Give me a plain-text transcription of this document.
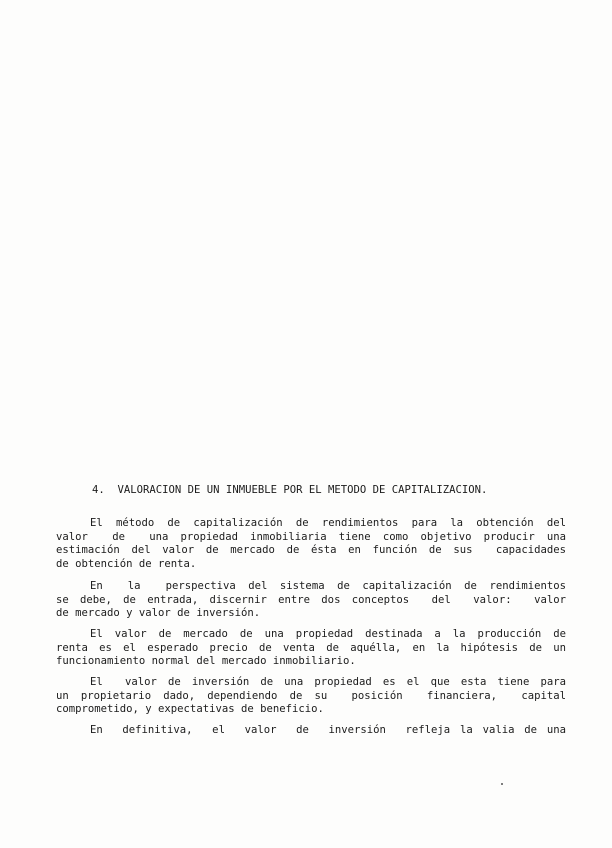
4.  VALORACION DE UN INMUEBLE POR EL METODO DE CAPITALIZACION.
El método de capitalización de rendimientos para la obtención del
valor  de  una propiedad inmobiliaria tiene como objetivo producir una
estimación del valor de mercado de ésta en función de sus  capacidades
de obtención de renta.
En  la  perspectiva del sistema de capitalización de rendimientos
se debe, de entrada, discernir entre dos conceptos  del  valor:  valor
de mercado y valor de inversión.
El valor de mercado de una propiedad destinada a la producción de
renta es el esperado precio de venta de aquélla, en la hipótesis de un
funcionamiento normal del mercado inmobiliario.
El  valor de inversión de una propiedad es el que esta tiene para
un propietario dado, dependiendo de su  posición  financiera,  capital
comprometido, y expectativas de beneficio.
En  definitiva,  el  valor  de  inversión  refleja la valia de una
